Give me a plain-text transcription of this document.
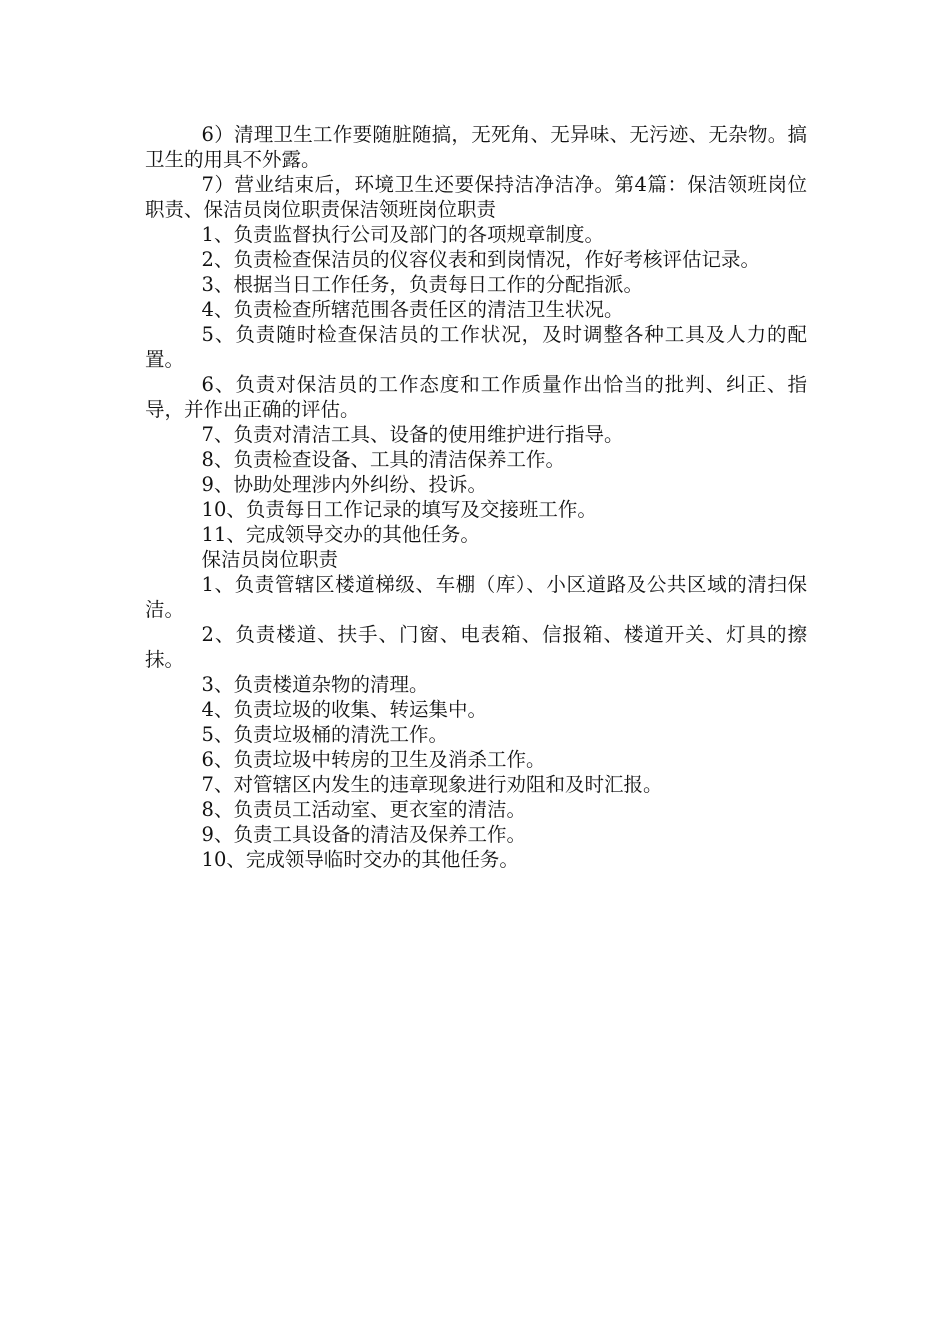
6）清理卫生工作要随脏随搞，无死角、无异味、无污迹、无杂物。搞卫生的用具不外露。

7）营业结束后，环境卫生还要保持洁净洁净。第4篇：保洁领班岗位职责、保洁员岗位职责保洁领班岗位职责

1、负责监督执行公司及部门的各项规章制度。

2、负责检查保洁员的仪容仪表和到岗情况，作好考核评估记录。

3、根据当日工作任务，负责每日工作的分配指派。

4、负责检查所辖范围各责任区的清洁卫生状况。

5、负责随时检查保洁员的工作状况，及时调整各种工具及人力的配置。

6、负责对保洁员的工作态度和工作质量作出恰当的批判、纠正、指导，并作出正确的评估。

7、负责对清洁工具、设备的使用维护进行指导。

8、负责检查设备、工具的清洁保养工作。

9、协助处理涉内外纠纷、投诉。

10、负责每日工作记录的填写及交接班工作。

11、完成领导交办的其他任务。

保洁员岗位职责

1、负责管辖区楼道梯级、车棚（库）、小区道路及公共区域的清扫保洁。

2、负责楼道、扶手、门窗、电表箱、信报箱、楼道开关、灯具的擦抹。

3、负责楼道杂物的清理。

4、负责垃圾的收集、转运集中。

5、负责垃圾桶的清洗工作。

6、负责垃圾中转房的卫生及消杀工作。

7、对管辖区内发生的违章现象进行劝阻和及时汇报。

8、负责员工活动室、更衣室的清洁。

9、负责工具设备的清洁及保养工作。

10、完成领导临时交办的其他任务。
